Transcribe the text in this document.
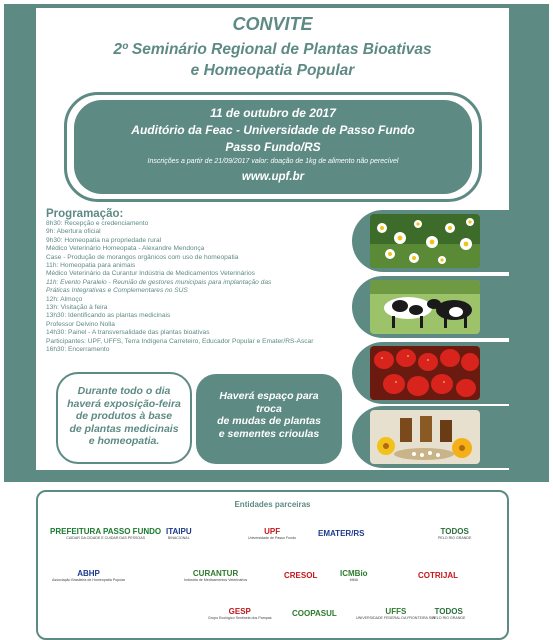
CONVITE
2º Seminário Regional de Plantas Bioativas
e Homeopatia Popular
11 de outubro de 2017
Auditório da Feac - Universidade de Passo Fundo
Passo Fundo/RS
Inscrições a partir de 21/09/2017 valor: doação de 1kg de alimento não perecível
www.upf.br
Programação:
8h30: Recepção e credenciamento
9h: Abertura oficial
9h30: Homeopatia na propriedade rural
Médico Veterinário Homeopata - Alexandre Mendonça
Case - Produção de morangos orgânicos com uso de homeopatia
11h: Homeopatia para animais
Médico Veterinário da Curantur Indústria de Medicamentos Veterinários
11h: Evento Paralelo - Reunião de gestores municipais para implantação das
Práticas Integrativas e Complementares no SUS
12h: Almoço
13h: Visitação à feira
13h30: Identificando as plantas medicinais
Professor Delvino Nolla
14h30: Painel - A transversalidade das plantas bioativas
Participantes: UPF, UFFS, Terra Indígena Carreteiro, Educador Popular e Emater/RS-Ascar
16h30: Encerramento
Durante todo o dia
haverá exposição-feira
de produtos à base
de plantas medicinais
e homeopatia.
Haverá espaço para
troca
de mudas de plantas
e sementes crioulas
Entidades parceiras
PREFEITURA PASSO FUNDO
CUIDAR DA CIDADE E CUIDAR DAS PESSOAS
ITAIPU
BINACIONAL
UPF
Universidade de Passo Fundo	EMATER/RS	TODOS
PELO RIO GRANDE
ABHP
Associação Brasileira de Homeopatia Popular
CURANTUR
Indústria de Medicamentos Veterinários	CRESOL	ICMBio
MMA	COTRIJAL
GESP
Grupo Ecológico Sentinela dos Pampas	COOPASUL	UFFS
UNIVERSIDADE FEDERAL DA FRONTEIRA SUL
TODOS
PELO RIO GRANDE
